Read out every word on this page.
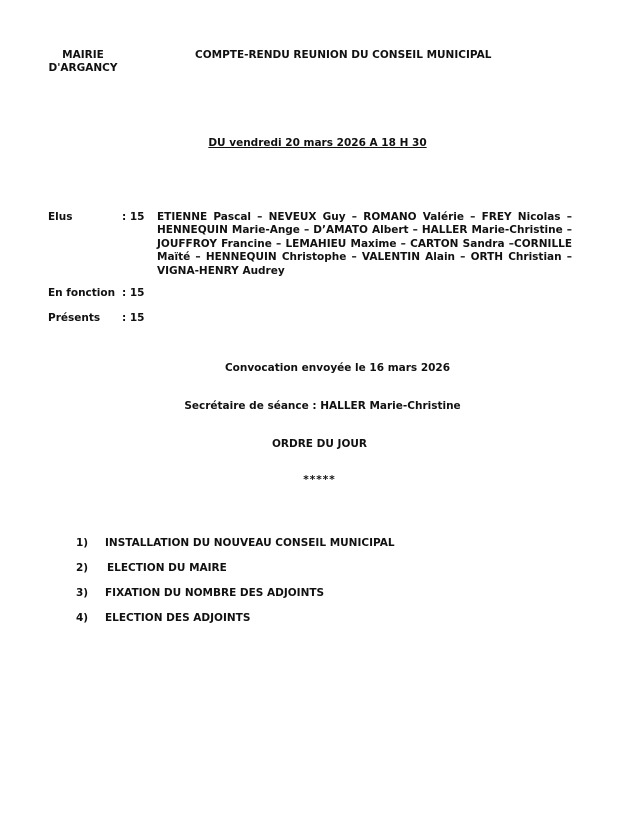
MAIRIE
D'ARGANCY
COMPTE-RENDU REUNION DU CONSEIL MUNICIPAL
DU vendredi 20 mars 2026 A 18 H 30
Elus	: 15 ETIENNE Pascal – NEVEUX Guy – ROMANO Valérie – FREY Nicolas – HENNEQUIN Marie-Ange – D’AMATO Albert – HALLER Marie-Christine – JOUFFROY Francine – LEMAHIEU Maxime – CARTON Sandra –CORNILLE Maïté – HENNEQUIN Christophe – VALENTIN Alain – ORTH Christian – VIGNA-HENRY Audrey
En fonction : 15
Présents : 15
Convocation envoyée le 16 mars 2026
Secrétaire de séance : HALLER Marie-Christine
ORDRE DU JOUR
*****
1) INSTALLATION DU NOUVEAU CONSEIL MUNICIPAL
2) ELECTION DU MAIRE
3) FIXATION DU NOMBRE DES ADJOINTS
4) ELECTION DES ADJOINTS
